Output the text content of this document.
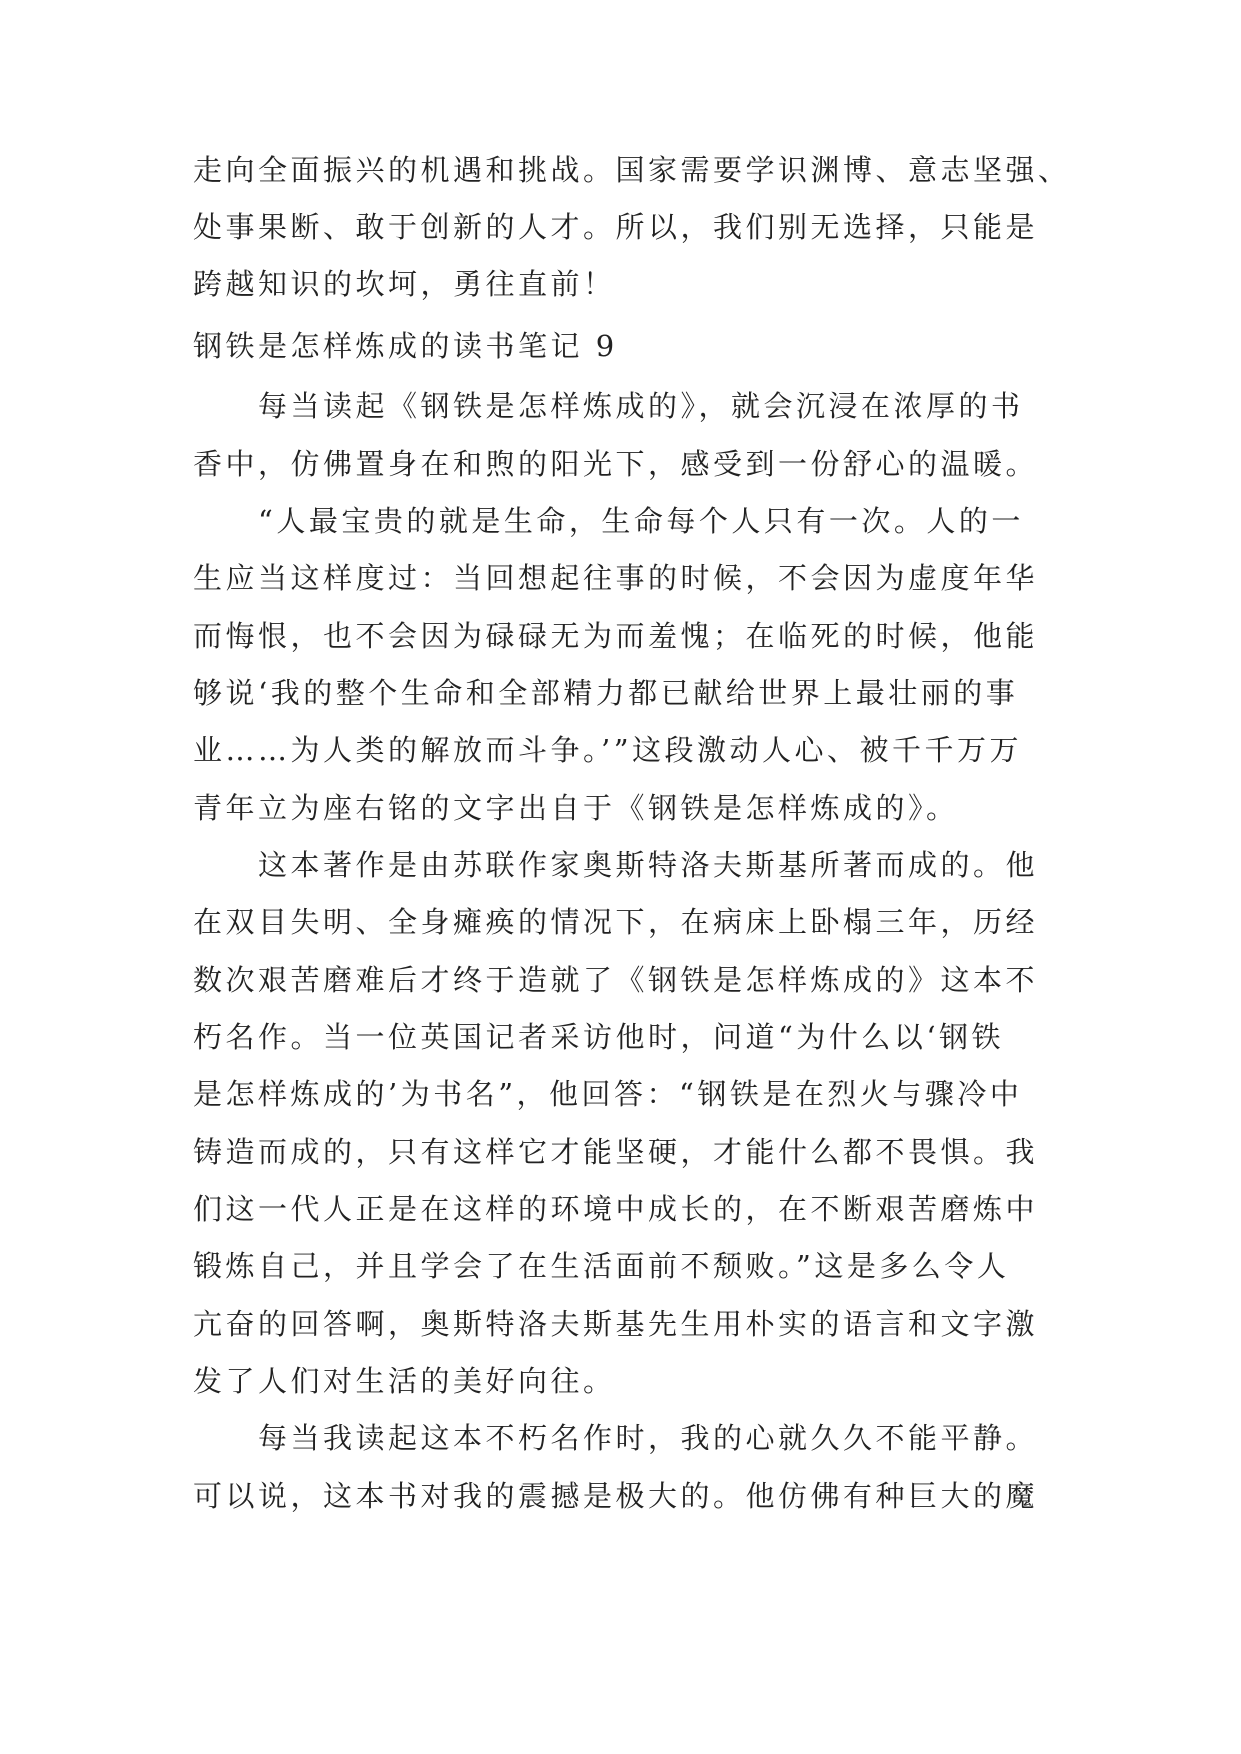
走向全面振兴的机遇和挑战。国家需要学识渊博、意志坚强、
处事果断、敢于创新的人才。所以，我们别无选择，只能是
跨越知识的坎坷，勇往直前！
钢铁是怎样炼成的读书笔记 9
　　每当读起《钢铁是怎样炼成的》，就会沉浸在浓厚的书
香中，仿佛置身在和煦的阳光下，感受到一份舒心的温暖。
　　“人最宝贵的就是生命，生命每个人只有一次。人的一
生应当这样度过：当回想起往事的时候，不会因为虚度年华
而悔恨，也不会因为碌碌无为而羞愧；在临死的时候，他能
够说‘我的整个生命和全部精力都已献给世界上最壮丽的事
业……为人类的解放而斗争。’”这段激动人心、被千千万万
青年立为座右铭的文字出自于《钢铁是怎样炼成的》。
　　这本著作是由苏联作家奥斯特洛夫斯基所著而成的。他
在双目失明、全身瘫痪的情况下，在病床上卧榻三年，历经
数次艰苦磨难后才终于造就了《钢铁是怎样炼成的》这本不
朽名作。当一位英国记者采访他时，问道“为什么以‘钢铁
是怎样炼成的’为书名”，他回答：“钢铁是在烈火与骤冷中
铸造而成的，只有这样它才能坚硬，才能什么都不畏惧。我
们这一代人正是在这样的环境中成长的，在不断艰苦磨炼中
锻炼自己，并且学会了在生活面前不颓败。”这是多么令人
亢奋的回答啊，奥斯特洛夫斯基先生用朴实的语言和文字激
发了人们对生活的美好向往。
　　每当我读起这本不朽名作时，我的心就久久不能平静。
可以说，这本书对我的震撼是极大的。他仿佛有种巨大的魔
